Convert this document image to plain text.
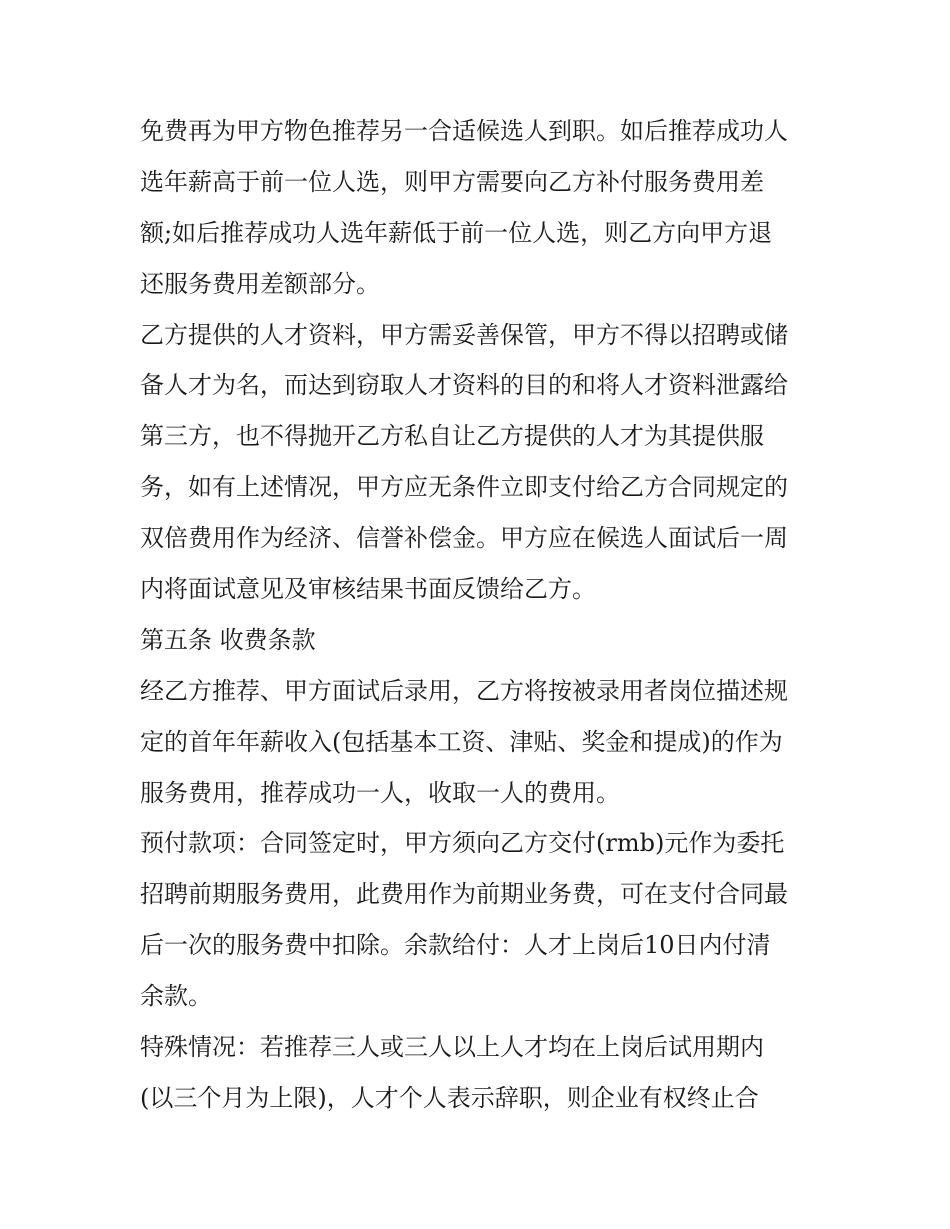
免费再为甲方物色推荐另一合适候选人到职。如后推荐成功人
选年薪高于前一位人选，则甲方需要向乙方补付服务费用差
额;如后推荐成功人选年薪低于前一位人选，则乙方向甲方退
还服务费用差额部分。
乙方提供的人才资料，甲方需妥善保管，甲方不得以招聘或储
备人才为名，而达到窃取人才资料的目的和将人才资料泄露给
第三方，也不得抛开乙方私自让乙方提供的人才为其提供服
务，如有上述情况，甲方应无条件立即支付给乙方合同规定的
双倍费用作为经济、信誉补偿金。甲方应在候选人面试后一周
内将面试意见及审核结果书面反馈给乙方。
第五条 收费条款
经乙方推荐、甲方面试后录用，乙方将按被录用者岗位描述规
定的首年年薪收入(包括基本工资、津贴、奖金和提成)的作为
服务费用，推荐成功一人，收取一人的费用。
预付款项：合同签定时，甲方须向乙方交付(rmb)元作为委托
招聘前期服务费用，此费用作为前期业务费，可在支付合同最
后一次的服务费中扣除。余款给付：人才上岗后10日内付清
余款。
特殊情况：若推荐三人或三人以上人才均在上岗后试用期内
(以三个月为上限)，人才个人表示辞职，则企业有权终止合
